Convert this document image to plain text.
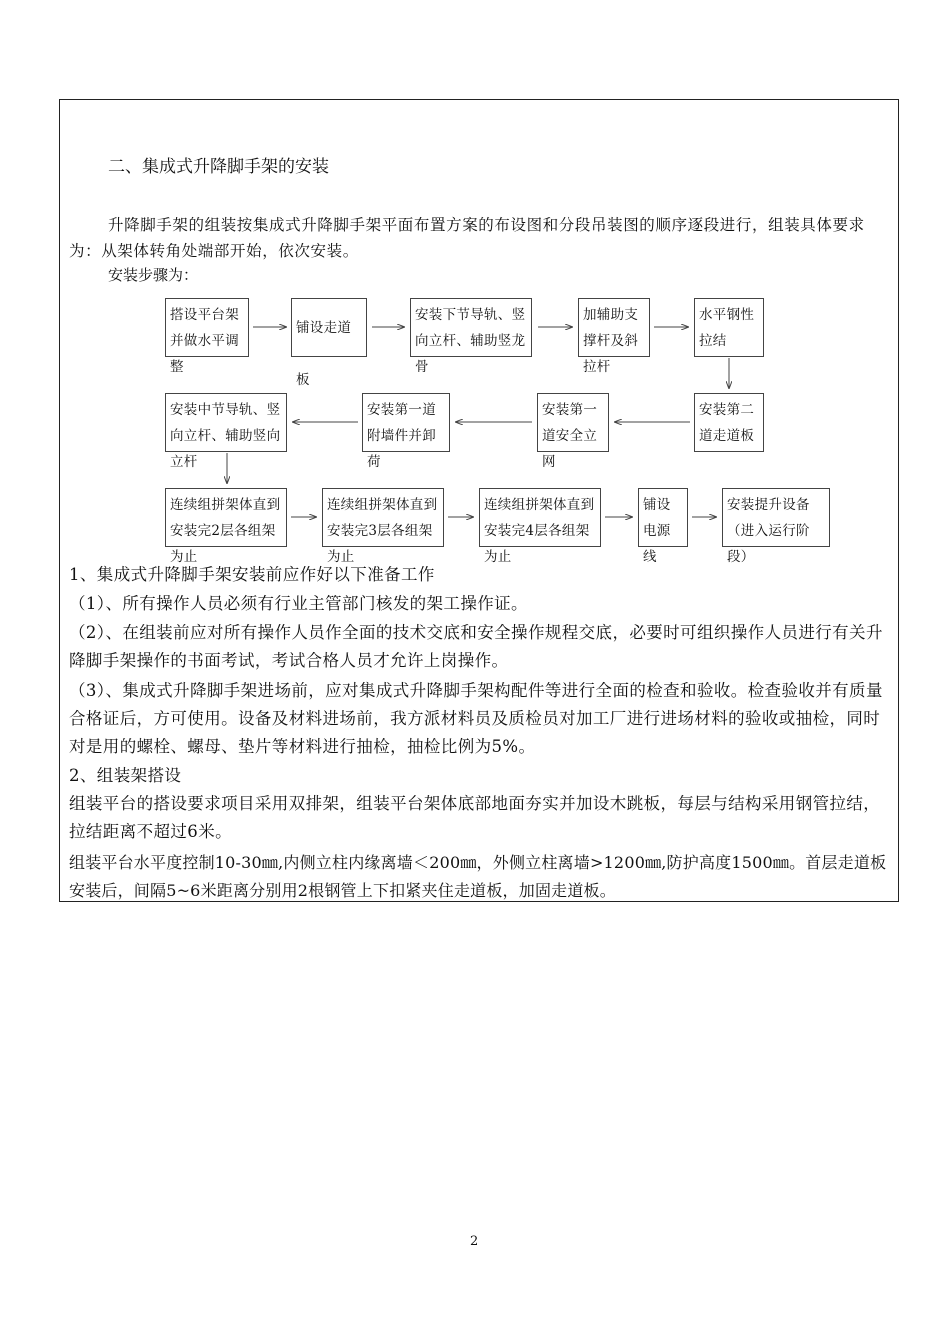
二、集成式升降脚手架的安装
升降脚手架的组装按集成式升降脚手架平面布置方案的布设图和分段吊装图的顺序逐段进行，组装具体要求为：从架体转角处端部开始，依次安装。
安装步骤为：
搭设平台架并做水平调整
铺设走道板
安装下节导轨、竖向立杆、辅助竖龙骨
加辅助支撑杆及斜拉杆
水平钢性拉结
安装第二道走道板
安装第一道安全立网
安装第一道附墙件并卸荷
安装中节导轨、竖向立杆、辅助竖向立杆
连续组拼架体直到安装完2层各组架为止
连续组拼架体直到安装完3层各组架为止
连续组拼架体直到安装完4层各组架为止
铺设电源线
安装提升设备（进入运行阶段）
1、集成式升降脚手架安装前应作好以下准备工作
（1）、所有操作人员必须有行业主管部门核发的架工操作证。
（2）、在组装前应对所有操作人员作全面的技术交底和安全操作规程交底，必要时可组织操作人员进行有关升降脚手架操作的书面考试，考试合格人员才允许上岗操作。
（3）、集成式升降脚手架进场前，应对集成式升降脚手架构配件等进行全面的检查和验收。检查验收并有质量合格证后，方可使用。设备及材料进场前，我方派材料员及质检员对加工厂进行进场材料的验收或抽检，同时对是用的螺栓、螺母、垫片等材料进行抽检，抽检比例为5%。
2、组装架搭设
组装平台的搭设要求项目采用双排架，组装平台架体底部地面夯实并加设木跳板，每层与结构采用钢管拉结，拉结距离不超过6米。
组装平台水平度控制10-30㎜,内侧立柱内缘离墙＜200㎜，外侧立柱离墙>1200㎜,防护高度1500㎜。首层走道板安装后，间隔5~6米距离分别用2根钢管上下扣紧夹住走道板，加固走道板。
2
